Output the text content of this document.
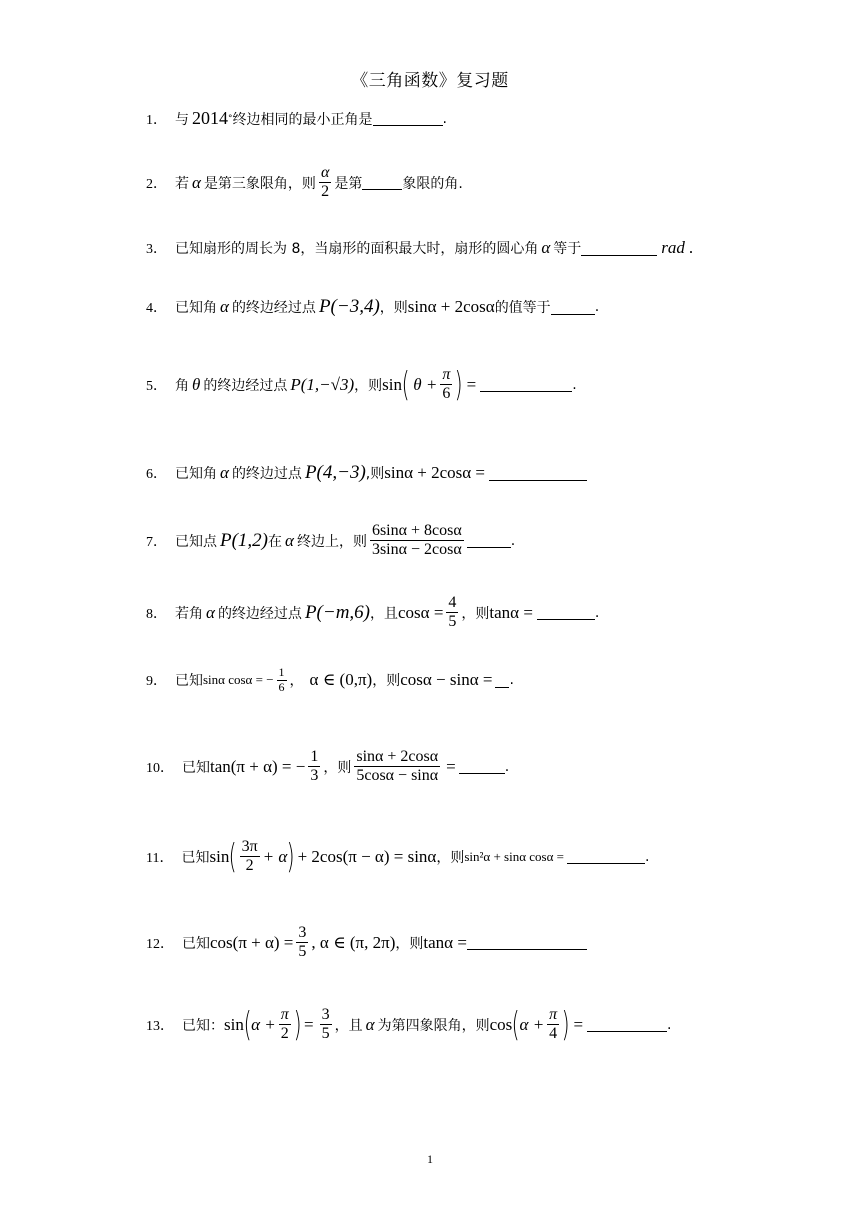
《三角函数》复习题
1． 与 2014 ° 终边相同的最小正角是	.
2． 若 α 是第三象限角，则 $\frac{\alpha}{2}$ 是第	象限的角.
3． 已知扇形的周长为 8，当扇形的面积最大时，扇形的圆心角 α 等于	rad .
4． 已知角 α 的终边经过点 P(−3,4) ，则 sinα + 2cosα 的值等于	.
5． 角 θ 的终边经过点 P(1,−√3) ，则 sin ( $\theta + \frac{\pi}{6}$ ) =	.
6． 已知角 α 的终边过点 P(4,−3) ,则 sinα + 2cosα =
7． 已知点 P(1,2) 在 α 终边上，则 $\frac{6\sin\alpha + 8\cos\alpha}{3\sin\alpha - 2\cos\alpha}$	.
8． 若角 α 的终边经过点 P(−m,6) ，且 $\cos\alpha = \frac{4}{5}$ ，则 tanα =	.
9． 已知 sinα cosα = − $\frac{1}{6}$ ， α ∈ (0,π) ，则 cosα − sinα = .
10． 已知 tan(π + α) = − $\frac{1}{3}$ ，则 $\frac{\sin\alpha + 2\cos\alpha}{5\cos\alpha - \sin\alpha}$ =	.
11． 已知 sin ( $\frac{3\pi}{2} + \alpha$ ) + 2cos(π − α) = sinα ，则 sin²α + sinα cosα =	.
12． 已知 $\cos(\pi + \alpha) = \frac{3}{5}$ , α ∈ (π, 2π) ，则 tanα =
13． 已知： sin ( $\alpha + \frac{\pi}{2}$ ) = $\frac{3}{5}$ ，且 α 为第四象限角，则 cos ( $\alpha + \frac{\pi}{4}$ ) =	.
1
